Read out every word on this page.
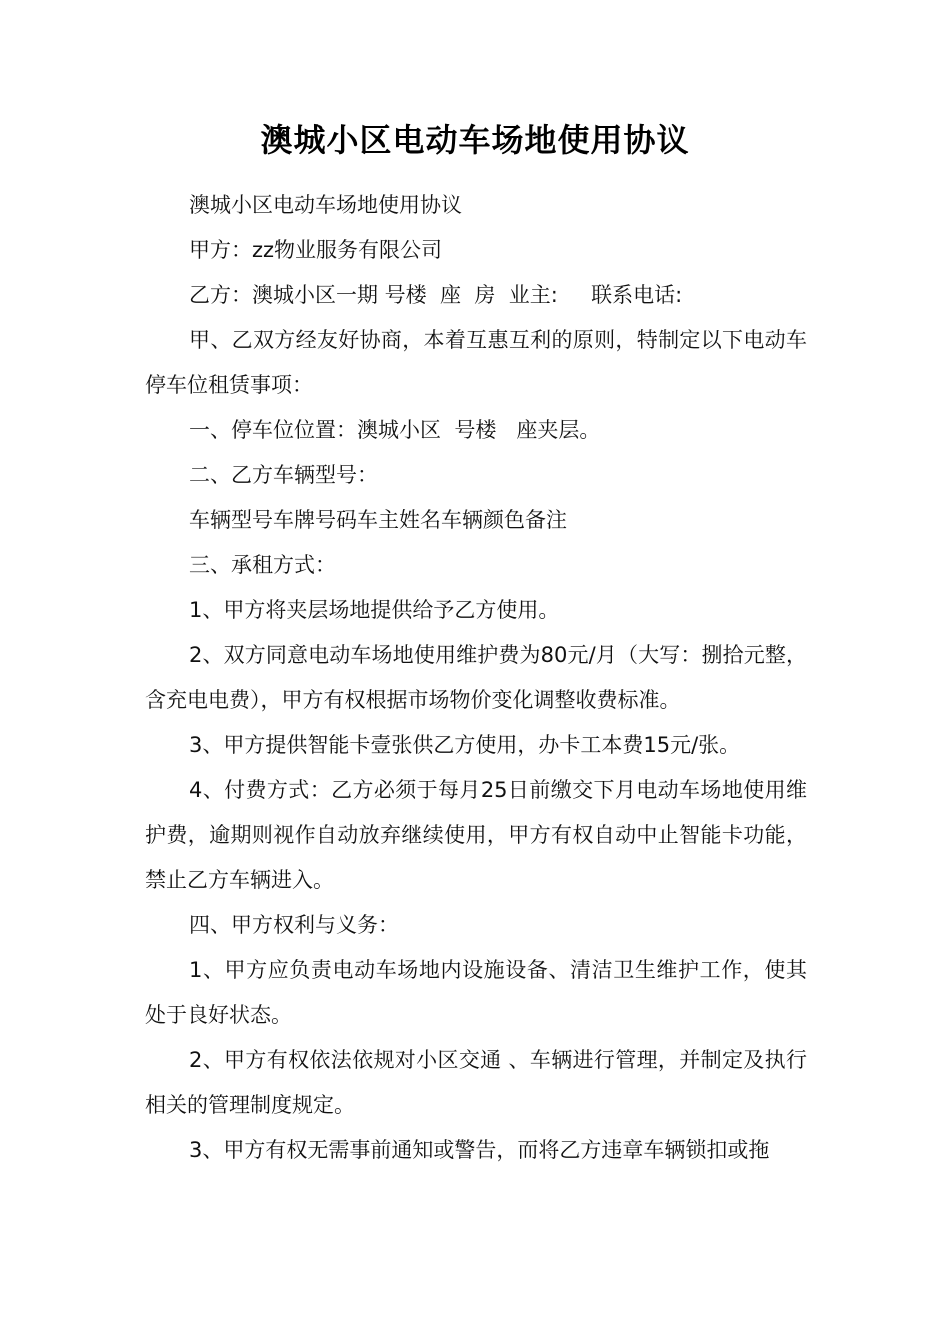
澳城小区电动车场地使用协议

澳城小区电动车场地使用协议

甲方：zz物业服务有限公司

乙方：澳城小区一期 号楼  座  房  业主:     联系电话:

甲、乙双方经友好协商，本着互惠互利的原则，特制定以下电动车停车位租赁事项：

一、停车位位置：澳城小区  号楼   座夹层。

二、乙方车辆型号：

车辆型号车牌号码车主姓名车辆颜色备注

三、承租方式：

1、甲方将夹层场地提供给予乙方使用。

2、双方同意电动车场地使用维护费为80元/月（大写：捌拾元整，含充电电费），甲方有权根据市场物价变化调整收费标准。

3、甲方提供智能卡壹张供乙方使用，办卡工本费15元/张。

4、付费方式：乙方必须于每月25日前缴交下月电动车场地使用维护费，逾期则视作自动放弃继续使用，甲方有权自动中止智能卡功能，禁止乙方车辆进入。

四、甲方权利与义务：

1、甲方应负责电动车场地内设施设备、清洁卫生维护工作，使其处于良好状态。

2、甲方有权依法依规对小区交通 、车辆进行管理，并制定及执行相关的管理制度规定。

3、甲方有权无需事前通知或警告，而将乙方违章车辆锁扣或拖
